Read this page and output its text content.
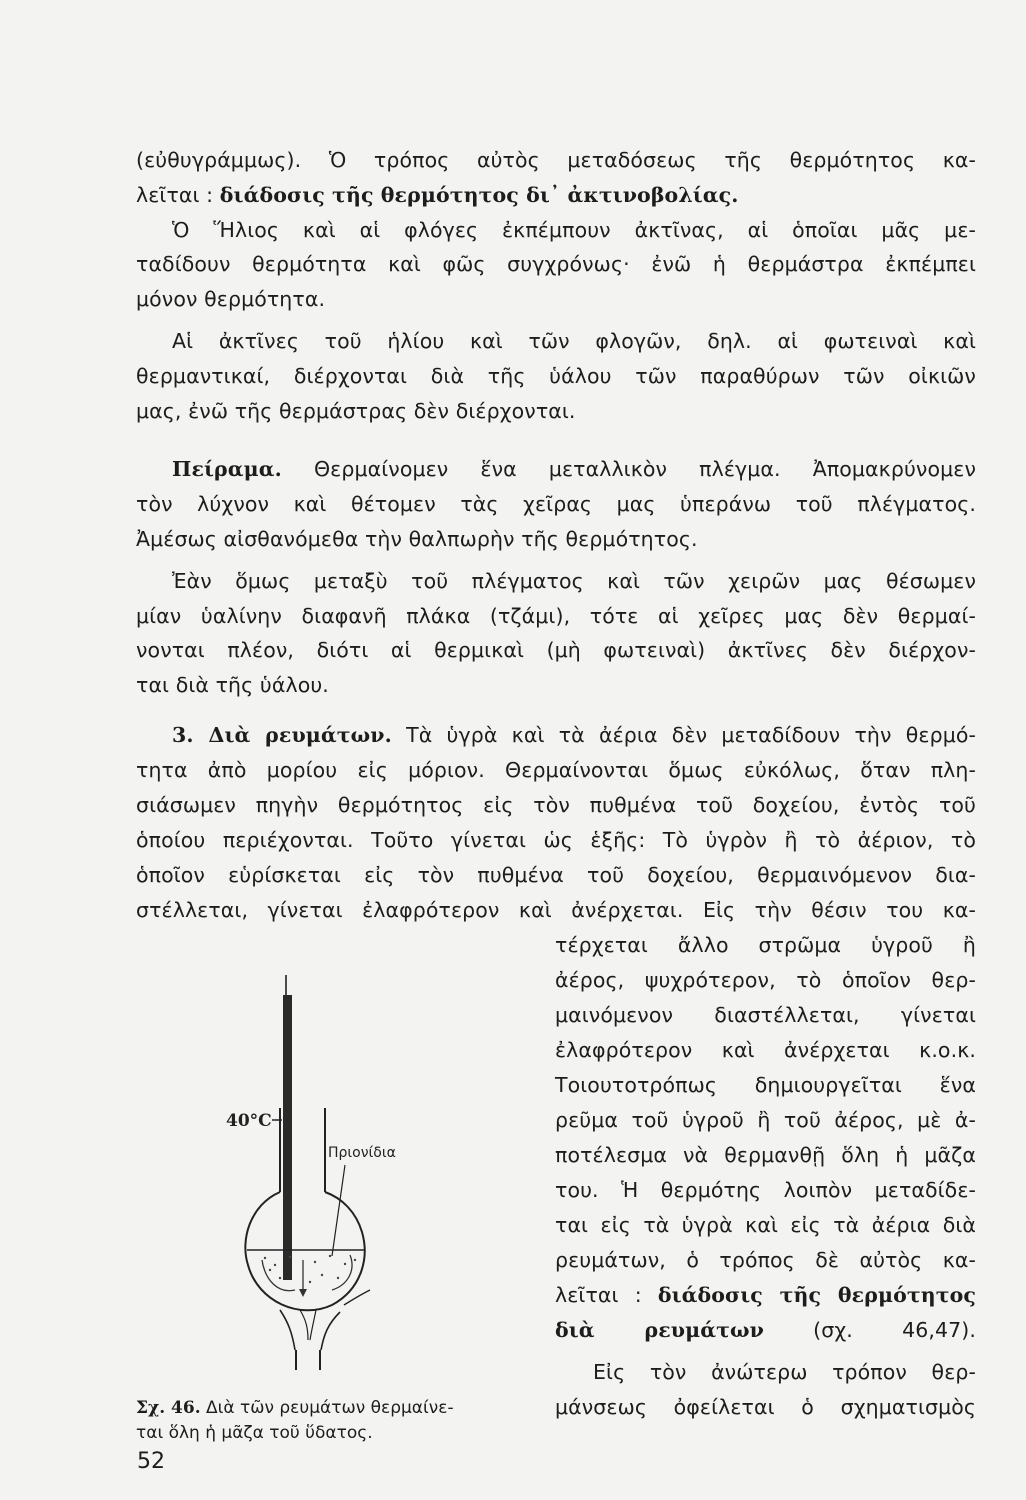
(εὐθυγράμμως). Ὁ τρόπος αὐτὸς μεταδόσεως τῆς θερμότητος κα-
λεῖται : διάδοσις τῆς θερμότητος δι᾽ ἀκτινοβολίας.
Ὁ Ἥλιος καὶ αἱ φλόγες ἐκπέμπουν ἀκτῖνας, αἱ ὁποῖαι μᾶς με-
ταδίδουν θερμότητα καὶ φῶς συγχρόνως· ἐνῶ ἡ θερμάστρα ἐκπέμπει
μόνον θερμότητα.
Αἱ ἀκτῖνες τοῦ ἡλίου καὶ τῶν φλογῶν, δηλ. αἱ φωτειναὶ καὶ
θερμαντικαί, διέρχονται διὰ τῆς ὑάλου τῶν παραθύρων τῶν οἰκιῶν
μας, ἐνῶ τῆς θερμάστρας δὲν διέρχονται.
Πείραμα. Θερμαίνομεν ἕνα μεταλλικὸν πλέγμα. Ἀπομακρύνομεν
τὸν λύχνον καὶ θέτομεν τὰς χεῖρας μας ὑπεράνω τοῦ πλέγματος.
Ἀμέσως αἰσθανόμεθα τὴν θαλπωρὴν τῆς θερμότητος.
Ἐὰν ὅμως μεταξὺ τοῦ πλέγματος καὶ τῶν χειρῶν μας θέσωμεν
μίαν ὑαλίνην διαφανῆ πλάκα (τζάμι), τότε αἱ χεῖρες μας δὲν θερμαί-
νονται πλέον, διότι αἱ θερμικαὶ (μὴ φωτειναὶ) ἀκτῖνες δὲν διέρχον-
ται διὰ τῆς ὑάλου.
3. Διὰ ρευμάτων. Τὰ ὑγρὰ καὶ τὰ ἀέρια δὲν μεταδίδουν τὴν θερμό-
τητα ἀπὸ μορίου εἰς μόριον. Θερμαίνονται ὅμως εὐκόλως, ὅταν πλη-
σιάσωμεν πηγὴν θερμότητος εἰς τὸν πυθμένα τοῦ δοχείου, ἐντὸς τοῦ
ὁποίου περιέχονται. Τοῦτο γίνεται ὡς ἑξῆς: Τὸ ὑγρὸν ἢ τὸ ἀέριον, τὸ
ὁποῖον εὑρίσκεται εἰς τὸν πυθμένα τοῦ δοχείου, θερμαινόμενον δια-
στέλλεται, γίνεται ἐλαφρότερον καὶ ἀνέρχεται. Εἰς τὴν θέσιν του κα-
τέρχεται ἄλλο στρῶμα ὑγροῦ ἢ
ἀέρος, ψυχρότερον, τὸ ὁποῖον θερ-
μαινόμενον διαστέλλεται, γίνεται
ἐλαφρότερον καὶ ἀνέρχεται κ.ο.κ.
Τοιουτοτρόπως δημιουργεῖται ἕνα
ρεῦμα τοῦ ὑγροῦ ἢ τοῦ ἀέρος, μὲ ἀ-
ποτέλεσμα νὰ θερμανθῇ ὅλη ἡ μᾶζα
του. Ἡ θερμότης λοιπὸν μεταδίδε-
ται εἰς τὰ ὑγρὰ καὶ εἰς τὰ ἀέρια διὰ
ρευμάτων, ὁ τρόπος δὲ αὐτὸς κα-
λεῖται : διάδοσις τῆς θερμότητος
διὰ ρευμάτων (σχ. 46,47).
Εἰς τὸν ἀνώτερω τρόπον θερ-
μάνσεως ὀφείλεται ὁ σχηματισμὸς
40°C
Πριονίδια
Σχ. 46. Διὰ τῶν ρευμάτων θερμαίνε-
ται ὅλη ἡ μᾶζα τοῦ ὕδατος.
52
